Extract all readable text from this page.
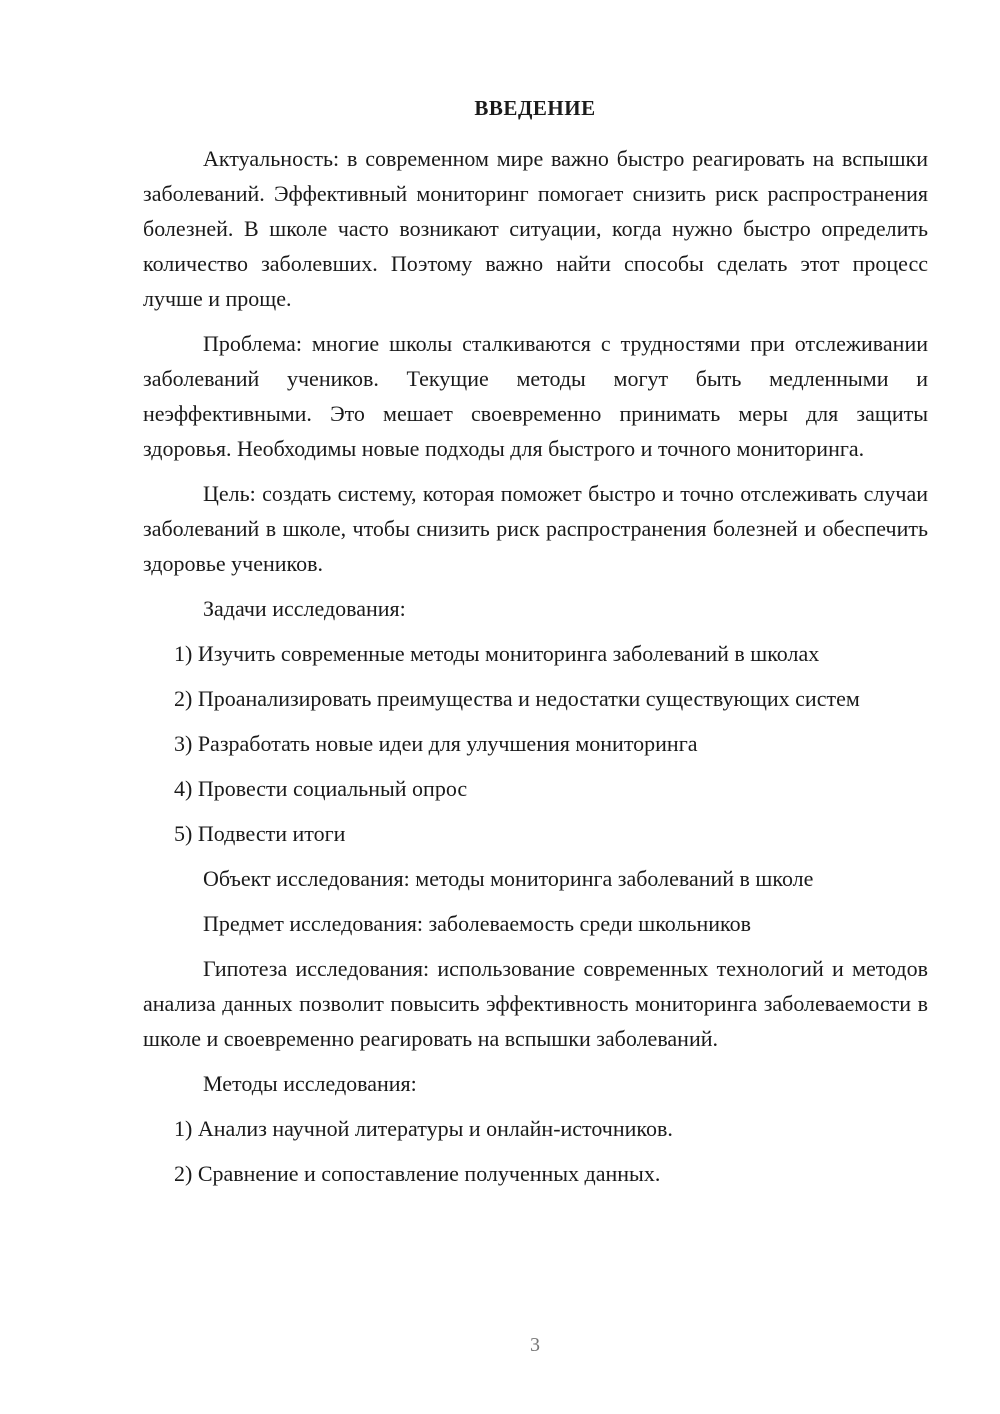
ВВЕДЕНИЕ

Актуальность: в современном мире важно быстро реагировать на вспышки заболеваний. Эффективный мониторинг помогает снизить риск распространения болезней. В школе часто возникают ситуации, когда нужно быстро определить количество заболевших. Поэтому важно найти способы сделать этот процесс лучше и проще.

Проблема: многие школы сталкиваются с трудностями при отслеживании заболеваний учеников. Текущие методы могут быть медленными и неэффективными. Это мешает своевременно принимать меры для защиты здоровья. Необходимы новые подходы для быстрого и точного мониторинга.

Цель: создать систему, которая поможет быстро и точно отслеживать случаи заболеваний в школе, чтобы снизить риск распространения болезней и обеспечить здоровье учеников.

Задачи исследования:

1) Изучить современные методы мониторинга заболеваний в школах

2) Проанализировать преимущества и недостатки существующих систем

3) Разработать новые идеи для улучшения мониторинга

4) Провести социальный опрос

5) Подвести итоги

Объект исследования: методы мониторинга заболеваний в школе

Предмет исследования: заболеваемость среди школьников

Гипотеза исследования: использование современных технологий и методов анализа данных позволит повысить эффективность мониторинга заболеваемости в школе и своевременно реагировать на вспышки заболеваний.

Методы исследования:

1) Анализ научной литературы и онлайн-источников.

2) Сравнение и сопоставление полученных данных.

3
